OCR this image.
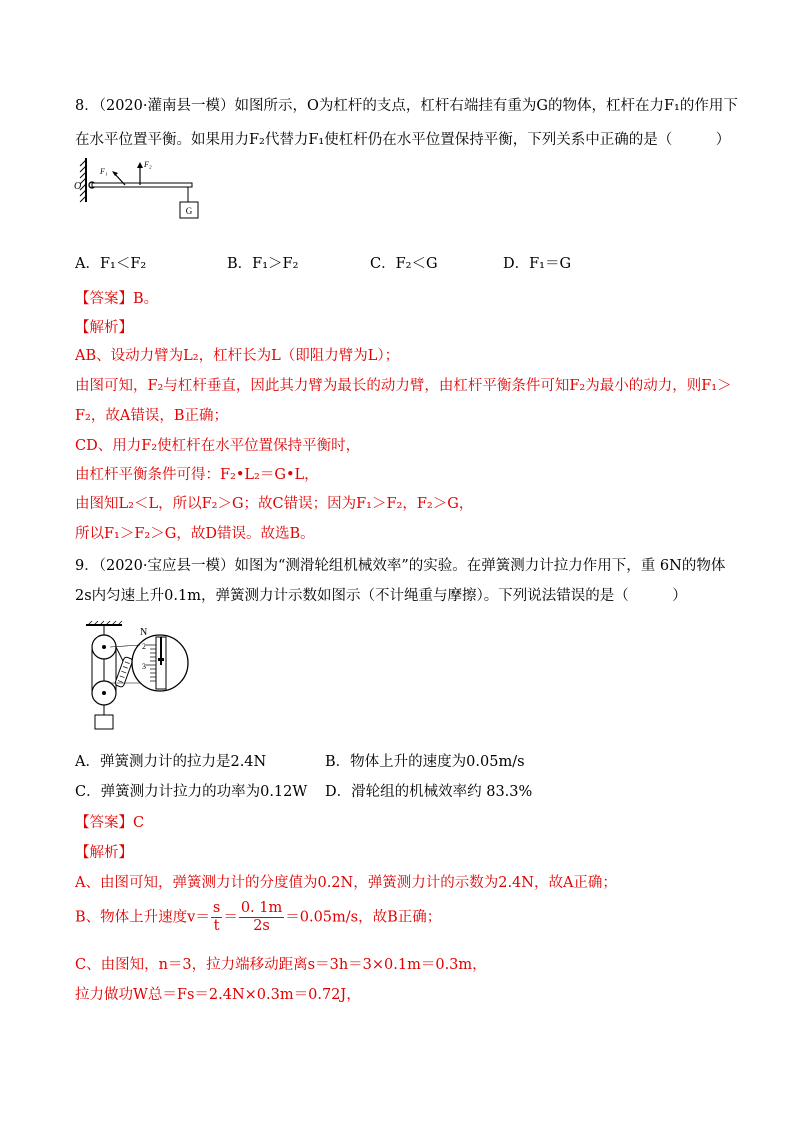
8．（2020·灌南县一模）如图所示，O为杠杆的支点，杠杆右端挂有重为G的物体，杠杆在力F₁的作用下
在水平位置平衡。如果用力F₂代替力F₁使杠杆仍在水平位置保持平衡，下列关系中正确的是（　　　）
G
O
F₁
F₂
A．F₁＜F₂	B．F₁＞F₂	C．F₂＜G	D．F₁＝G
【答案】B。
【解析】
AB、设动力臂为L₂，杠杆长为L（即阻力臂为L）；
由图可知，F₂与杠杆垂直，因此其力臂为最长的动力臂，由杠杆平衡条件可知F₂为最小的动力，则F₁＞
F₂，故A错误，B正确；
CD、用力F₂使杠杆在水平位置保持平衡时，
由杠杆平衡条件可得：F₂•L₂＝G•L，
由图知L₂＜L，所以F₂＞G；故C错误；因为F₁＞F₂，F₂＞G，
所以F₁＞F₂＞G，故D错误。故选B。
9．（2020·宝应县一模）如图为“测滑轮组机械效率”的实验。在弹簧测力计拉力作用下，重 6N的物体
2s内匀速上升0.1m，弹簧测力计示数如图示（不计绳重与摩擦）。下列说法错误的是（　　　）
N
2
3
A．弹簧测力计的拉力是2.4N	B．物体上升的速度为0.05m/s
C．弹簧测力计拉力的功率为0.12W D．滑轮组的机械效率约 83.3%
【答案】C
【解析】
A、由图可知，弹簧测力计的分度值为0.2N，弹簧测力计的示数为2.4N，故A正确；
B、物体上升速度$v= \frac{s}{t} = \frac{0. 1m}{2s} =0.05m/s$，故B正确；
C、由图知，n＝3，拉力端移动距离s＝3h＝3×0.1m＝0.3m，
拉力做功W总＝Fs＝2.4N×0.3m＝0.72J，
